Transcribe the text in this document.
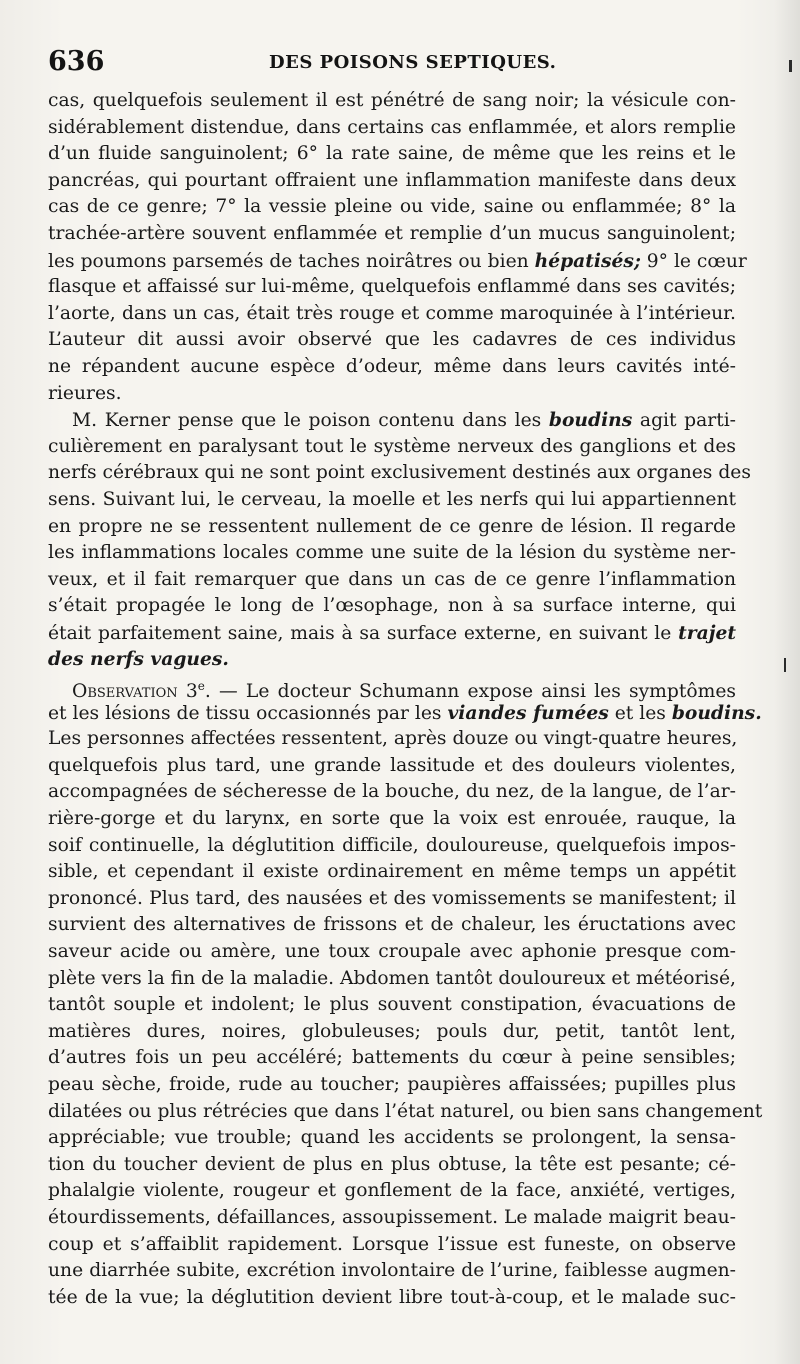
636	DES POISONS SEPTIQUES.
cas, quelquefois seulement il est pénétré de sang noir; la vésicule con-
sidérablement distendue, dans certains cas enflammée, et alors remplie
d’un fluide sanguinolent; 6° la rate saine, de même que les reins et le
pancréas, qui pourtant offraient une inflammation manifeste dans deux
cas de ce genre; 7° la vessie pleine ou vide, saine ou enflammée; 8° la
trachée-artère souvent enflammée et remplie d’un mucus sanguinolent;
les poumons parsemés de taches noirâtres ou bien hépatisés; 9° le cœur
flasque et affaissé sur lui-même, quelquefois enflammé dans ses cavités;
l’aorte, dans un cas, était très rouge et comme maroquinée à l’intérieur.
L’auteur dit aussi avoir observé que les cadavres de ces individus
ne répandent aucune espèce d’odeur, même dans leurs cavités inté-
rieures.
M. Kerner pense que le poison contenu dans les boudins agit parti-
culièrement en paralysant tout le système nerveux des ganglions et des
nerfs cérébraux qui ne sont point exclusivement destinés aux organes des
sens. Suivant lui, le cerveau, la moelle et les nerfs qui lui appartiennent
en propre ne se ressentent nullement de ce genre de lésion. Il regarde
les inflammations locales comme une suite de la lésion du système ner-
veux, et il fait remarquer que dans un cas de ce genre l’inflammation
s’était propagée le long de l’œsophage, non à sa surface interne, qui
était parfaitement saine, mais à sa surface externe, en suivant le trajet
des nerfs vagues.
Observation 3e. — Le docteur Schumann expose ainsi les symptômes
et les lésions de tissu occasionnés par les viandes fumées et les boudins.
Les personnes affectées ressentent, après douze ou vingt-quatre heures,
quelquefois plus tard, une grande lassitude et des douleurs violentes,
accompagnées de sécheresse de la bouche, du nez, de la langue, de l’ar-
rière-gorge et du larynx, en sorte que la voix est enrouée, rauque, la
soif continuelle, la déglutition difficile, douloureuse, quelquefois impos-
sible, et cependant il existe ordinairement en même temps un appétit
prononcé. Plus tard, des nausées et des vomissements se manifestent; il
survient des alternatives de frissons et de chaleur, les éructations avec
saveur acide ou amère, une toux croupale avec aphonie presque com-
plète vers la fin de la maladie. Abdomen tantôt douloureux et météorisé,
tantôt souple et indolent; le plus souvent constipation, évacuations de
matières dures, noires, globuleuses; pouls dur, petit, tantôt lent,
d’autres fois un peu accéléré; battements du cœur à peine sensibles;
peau sèche, froide, rude au toucher; paupières affaissées; pupilles plus
dilatées ou plus rétrécies que dans l’état naturel, ou bien sans changement
appréciable; vue trouble; quand les accidents se prolongent, la sensa-
tion du toucher devient de plus en plus obtuse, la tête est pesante; cé-
phalalgie violente, rougeur et gonflement de la face, anxiété, vertiges,
étourdissements, défaillances, assoupissement. Le malade maigrit beau-
coup et s’affaiblit rapidement. Lorsque l’issue est funeste, on observe
une diarrhée subite, excrétion involontaire de l’urine, faiblesse augmen-
tée de la vue; la déglutition devient libre tout-à-coup, et le malade suc-
